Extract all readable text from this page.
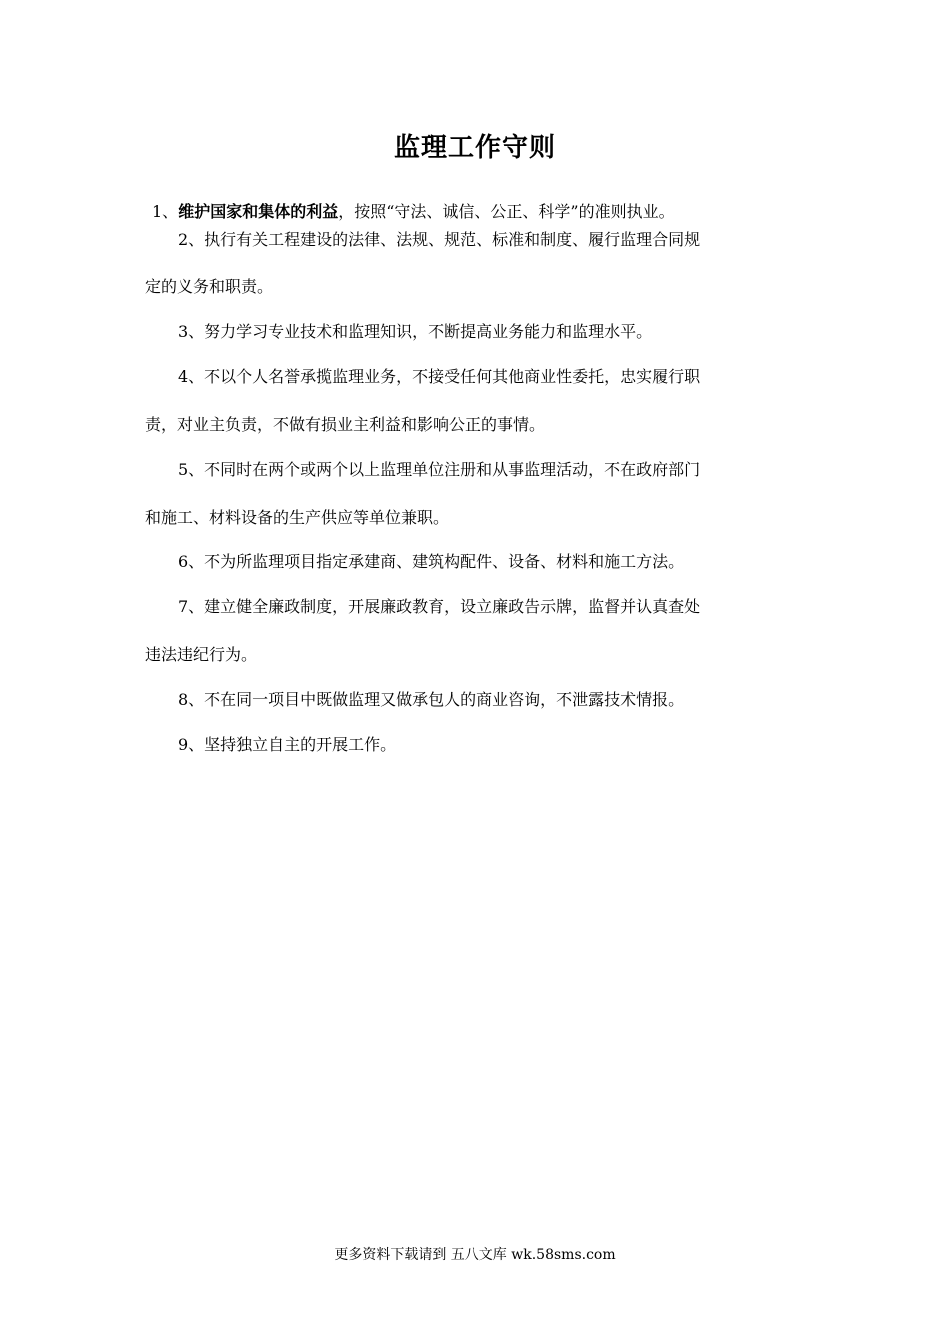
监理工作守则
1、维护国家和集体的利益，按照“守法、诚信、公正、科学”的准则执业。
2、执行有关工程建设的法律、法规、规范、标准和制度、履行监理合同规
定的义务和职责。
3、努力学习专业技术和监理知识，不断提高业务能力和监理水平。
4、不以个人名誉承揽监理业务，不接受任何其他商业性委托，忠实履行职
责，对业主负责，不做有损业主利益和影响公正的事情。
5、不同时在两个或两个以上监理单位注册和从事监理活动，不在政府部门
和施工、材料设备的生产供应等单位兼职。
6、不为所监理项目指定承建商、建筑构配件、设备、材料和施工方法。
7、建立健全廉政制度，开展廉政教育，设立廉政告示牌，监督并认真查处
违法违纪行为。
8、不在同一项目中既做监理又做承包人的商业咨询，不泄露技术情报。
9、坚持独立自主的开展工作。
更多资料下载请到 五八文库 wk.58sms.com
